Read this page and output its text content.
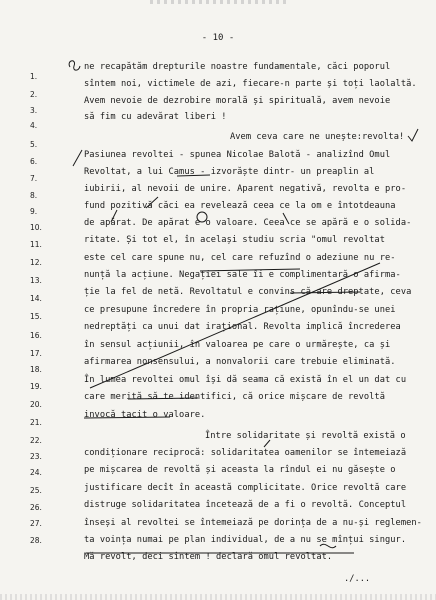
- 10 -
1.
2.
3.
4.
5.
6.
7.
8.
9.
10.
11.
12.
13.
14.
15.
16.
17.
18.
19.
20.
21.
22.
23.
24.
25.
26.
27.
28.
ne recapătăm drepturile noastre fundamentale, căci poporul
sîntem noi, victimele de azi, fiecare-n parte și toți laolaltă.
Avem nevoie de dezrobire morală și spirituală, avem nevoie
să fim cu adevărat liberi !
Avem ceva care ne unește:revolta!
Pasiunea revoltei - spunea Nicolae Balotă - analizînd Omul
Revoltat, a lui Camus - izvorăște dintr- un preaplin al
iubirii, al nevoii de unire. Aparent negativă, revolta e pro-
fund pozitivă căci ea revelează ceea ce la om e întotdeauna
de apărat. De apărat e o valoare. Ceea ce se apără e o solida-
ritate. Și tot el, în același studiu scria "omul revoltat
este cel care spune nu, cel care refuzînd o adeziune nu re-
nunță la acțiune. Negației sale îi e complimentară o afirma-
ție la fel de netă. Revoltatul e convins că are dreptate, ceva
ce presupune încredere în propria rațiune, opunîndu-se unei
nedreptăți ca unui dat irațional. Revolta implică încrederea
în sensul acțiunii, în valoarea pe care o urmărește, ca și
afirmarea nonsensului, a nonvalorii care trebuie eliminată.
În lumea revoltei omul își dă seama că există în el un dat cu
care merită să te identifici, că orice mișcare de revoltă
invocă tacit o valoare.
Între solidaritate și revoltă există o
condiționare reciprocă: solidaritatea oamenilor se întemeiază
pe mișcarea de revoltă și aceasta la rîndul ei nu găsește o
justificare decît în această complicitate. Orice revoltă care
distruge solidaritatea încetează de a fi o revoltă. Conceptul
înseși al revoltei se întemeiază pe dorința de a nu-și reglemen-
ta voința numai pe plan individual, de a nu se mînțui singur.
Mă revolt, deci sîntem ! declară omul revoltat.
./...
